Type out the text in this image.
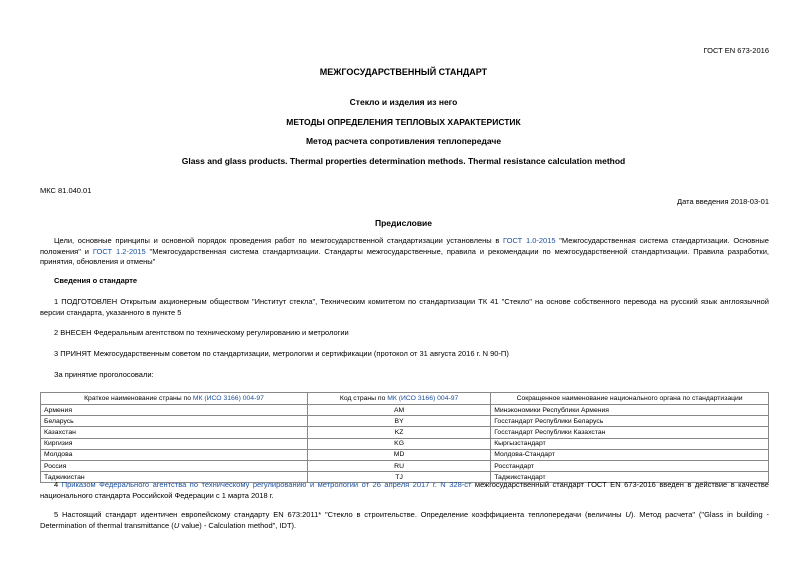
ГОСТ EN 673-2016
МЕЖГОСУДАРСТВЕННЫЙ СТАНДАРТ
Стекло и изделия из него
МЕТОДЫ ОПРЕДЕЛЕНИЯ ТЕПЛОВЫХ ХАРАКТЕРИСТИК
Метод расчета сопротивления теплопередаче
Glass and glass products. Thermal properties determination methods. Thermal resistance calculation method
МКС 81.040.01
Дата введения 2018-03-01
Предисловие
Цели, основные принципы и основной порядок проведения работ по межгосударственной стандартизации установлены в ГОСТ 1.0-2015 "Межгосударственная система стандартизации. Основные положения" и ГОСТ 1.2-2015 "Межгосударственная система стандартизации. Стандарты межгосударственные, правила и рекомендации по межгосударственной стандартизации. Правила разработки, принятия, обновления и отмены"
Сведения о стандарте
1 ПОДГОТОВЛЕН Открытым акционерным обществом "Институт стекла", Техническим комитетом по стандартизации ТК 41 "Стекло" на основе собственного перевода на русский язык англоязычной версии стандарта, указанного в пункте 5
2 ВНЕСЕН Федеральным агентством по техническому регулированию и метрологии
3 ПРИНЯТ Межгосударственным советом по стандартизации, метрологии и сертификации (протокол от 31 августа 2016 г. N 90-П)
За принятие проголосовали:
Краткое наименование страны по МК (ИСО 3166) 004-97	Код страны по МК (ИСО 3166) 004-97	Сокращенное наименование национального органа по стандартизации
Армения	AM	Минэкономики Республики Армения
Беларусь	BY	Госстандарт Республики Беларусь
Казахстан	KZ	Госстандарт Республики Казахстан
Киргизия	KG	Кыргызстандарт
Молдова	MD	Молдова-Стандарт
Россия	RU	Росстандарт
Таджикистан	TJ	Таджикстандарт
4 Приказом Федерального агентства по техническому регулированию и метрологии от 26 апреля 2017 г. N 328-ст межгосударственный стандарт ГОСТ EN 673-2016 введен в действие в качестве национального стандарта Российской Федерации с 1 марта 2018 г.
5 Настоящий стандарт идентичен европейскому стандарту EN 673:2011* "Стекло в строительстве. Определение коэффициента теплопередачи (величины U). Метод расчета" ("Glass in building - Determination of thermal transmittance (U value) - Calculation method", IDT).
